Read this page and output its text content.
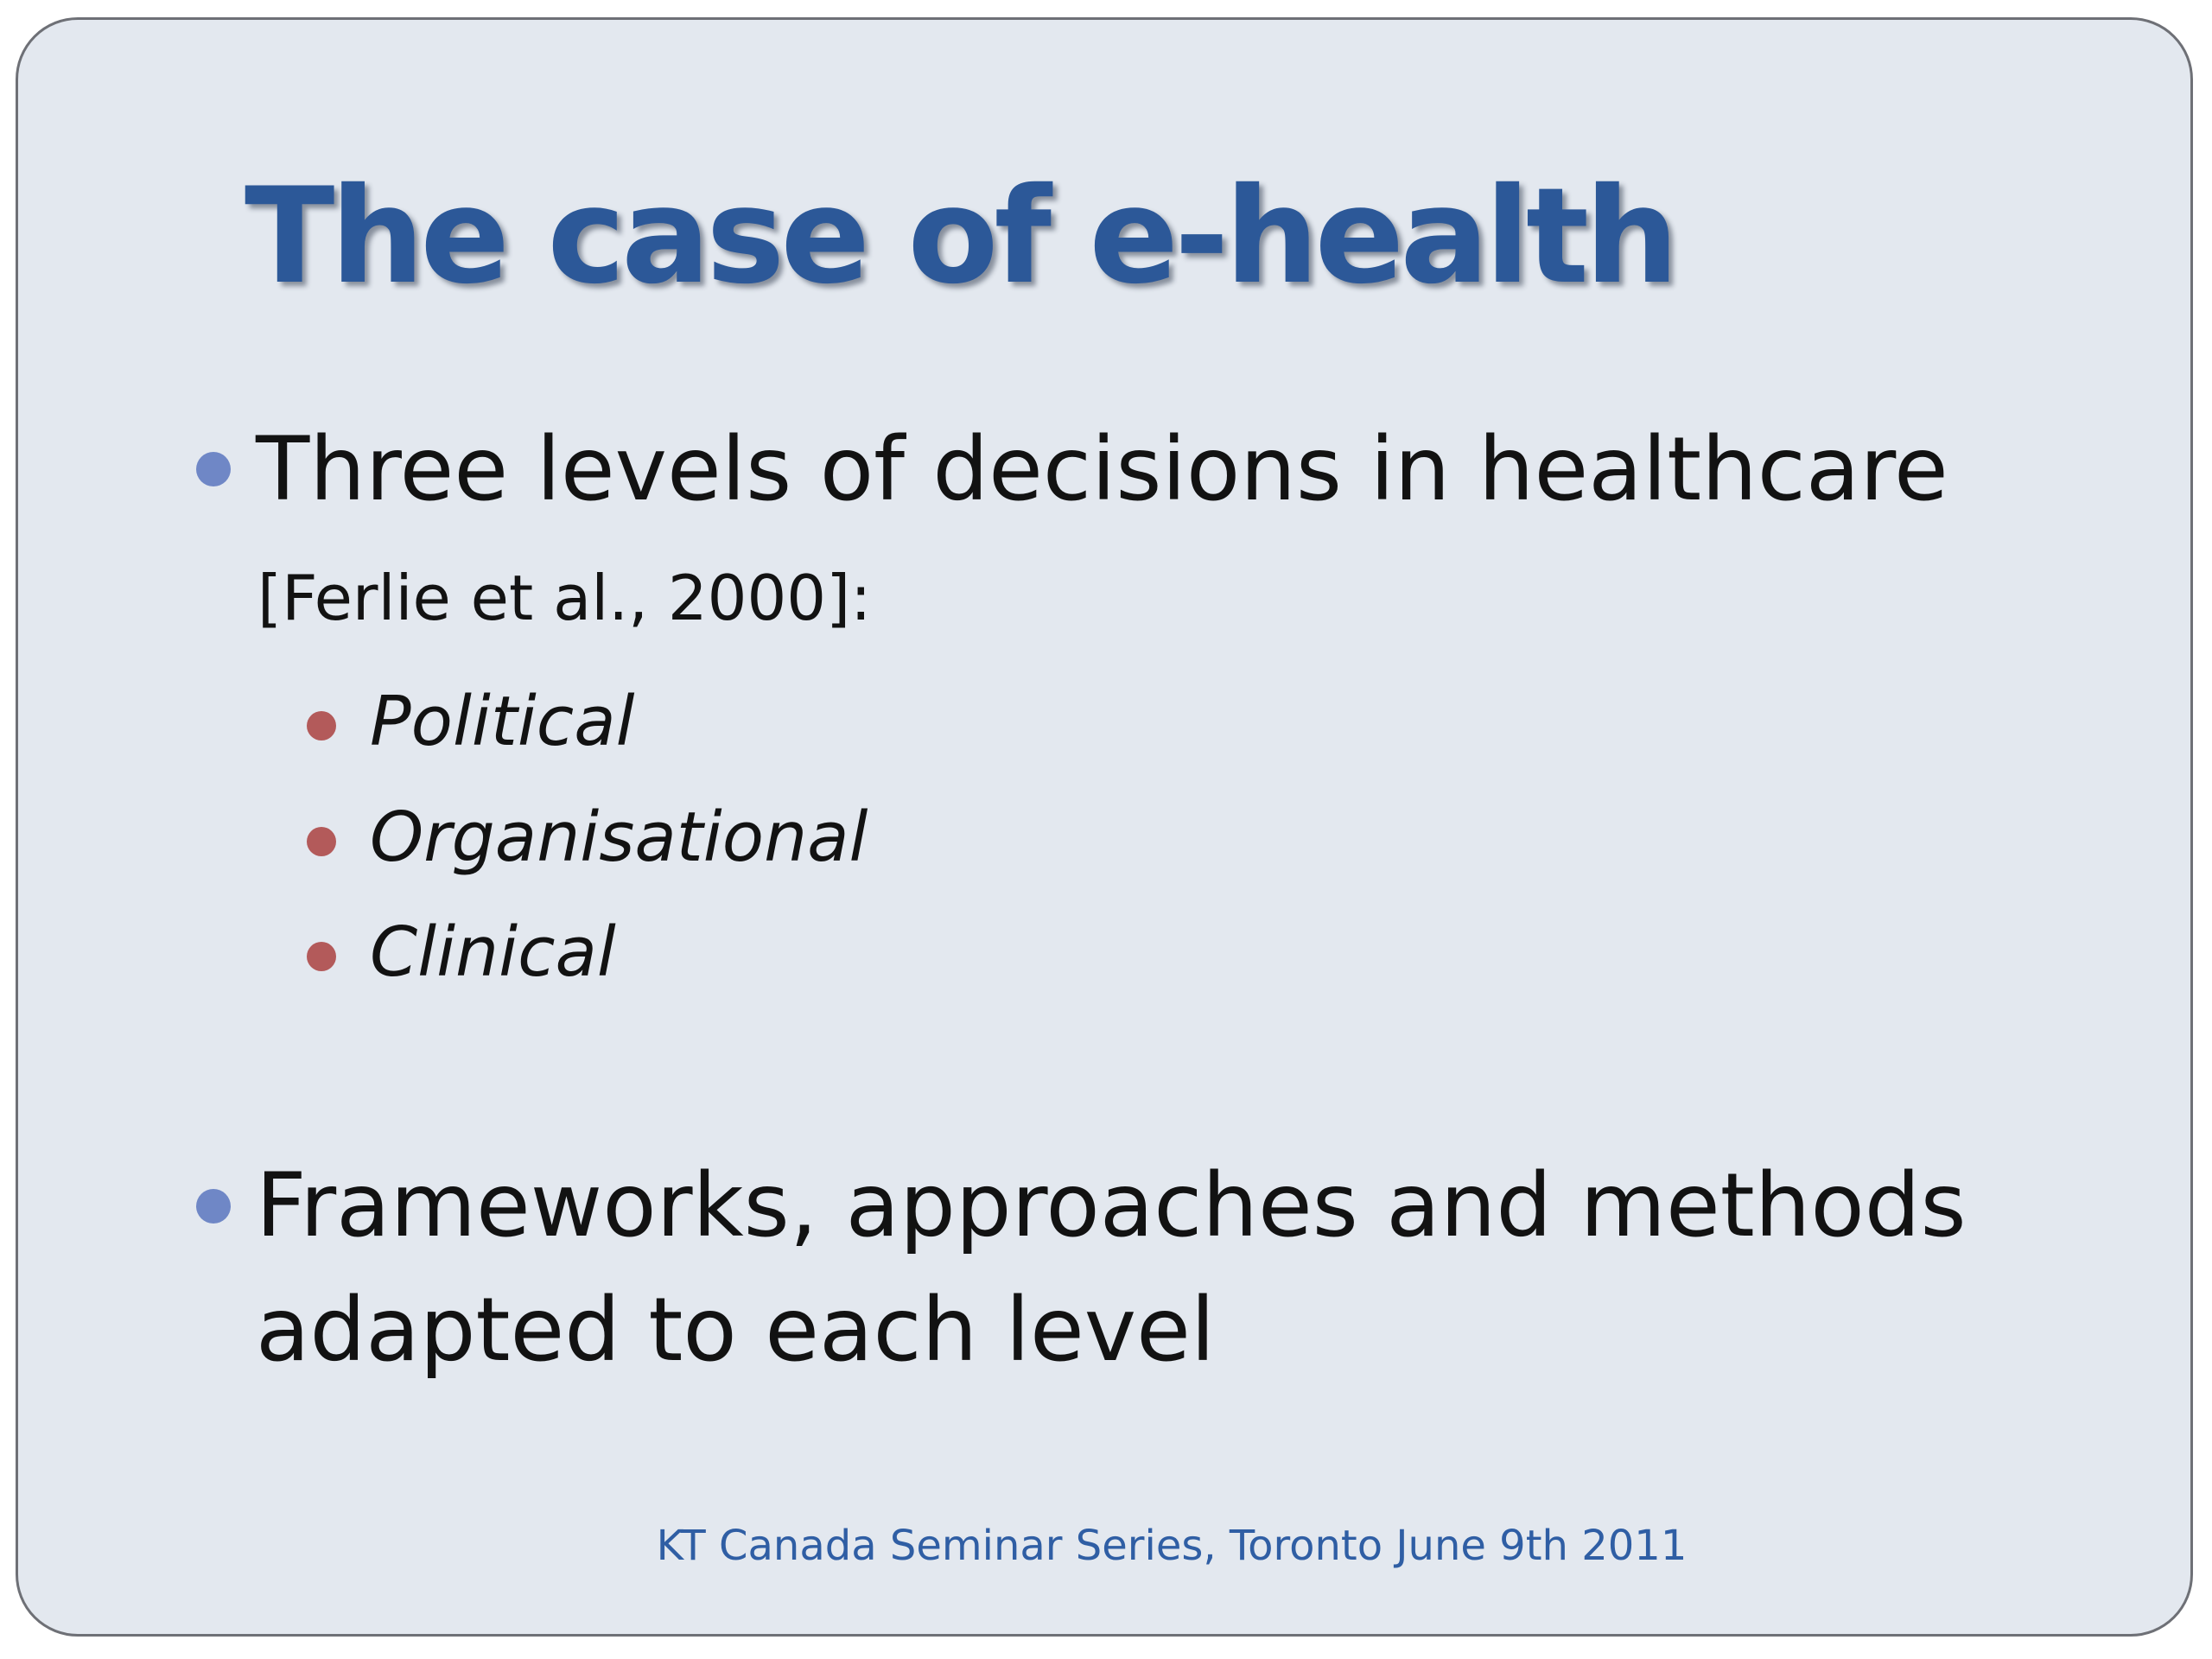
The case of e-health
Three levels of decisions in healthcare
[Ferlie et al., 2000]:
Political
Organisational
Clinical
Frameworks, approaches and methods
adapted to each level
KT Canada Seminar Series, Toronto June 9th 2011
